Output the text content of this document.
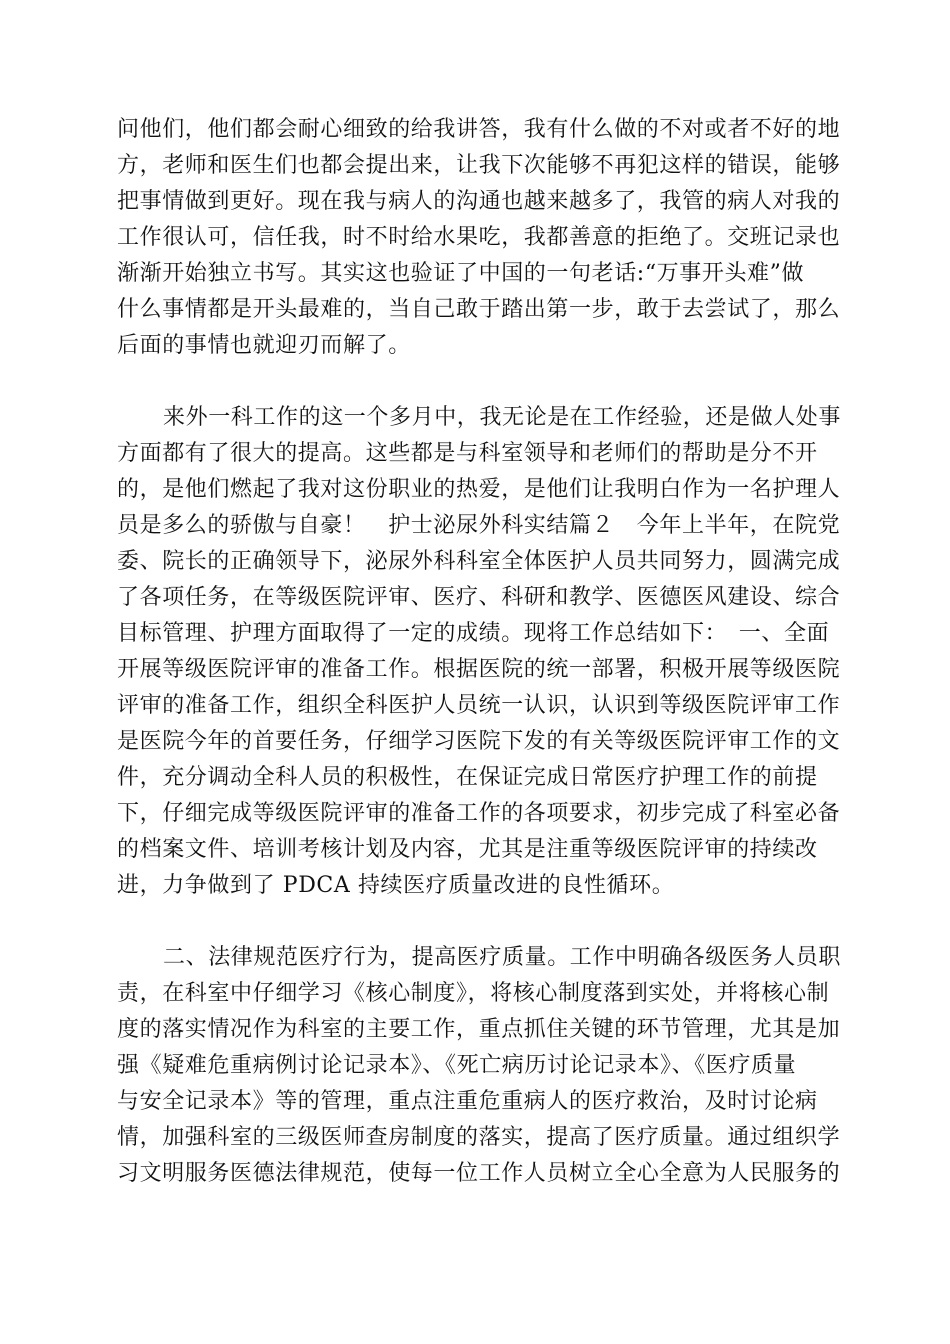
问他们，他们都会耐心细致的给我讲答，我有什么做的不对或者不好的地

方，老师和医生们也都会提出来，让我下次能够不再犯这样的错误，能够

把事情做到更好。现在我与病人的沟通也越来越多了，我管的病人对我的

工作很认可，信任我，时不时给水果吃，我都善意的拒绝了。交班记录也

渐渐开始独立书写。其实这也验证了中国的一句老话:“万事开头难”做

什么事情都是开头最难的，当自己敢于踏出第一步，敢于去尝试了，那么

后面的事情也就迎刃而解了。

来外一科工作的这一个多月中，我无论是在工作经验，还是做人处事

方面都有了很大的提高。这些都是与科室领导和老师们的帮助是分不开

的，是他们燃起了我对这份职业的热爱，是他们让我明白作为一名护理人

员是多么的骄傲与自豪！　护士泌尿外科实结篇２　今年上半年，在院党

委、院长的正确领导下，泌尿外科科室全体医护人员共同努力，圆满完成

了各项任务，在等级医院评审、医疗、科研和教学、医德医风建设、综合

目标管理、护理方面取得了一定的成绩。现将工作总结如下：　一、全面

开展等级医院评审的准备工作。根据医院的统一部署，积极开展等级医院

评审的准备工作，组织全科医护人员统一认识，认识到等级医院评审工作

是医院今年的首要任务，仔细学习医院下发的有关等级医院评审工作的文

件，充分调动全科人员的积极性，在保证完成日常医疗护理工作的前提

下，仔细完成等级医院评审的准备工作的各项要求，初步完成了科室必备

的档案文件、培训考核计划及内容，尤其是注重等级医院评审的持续改

进，力争做到了 PDCA 持续医疗质量改进的良性循环。

二、法律规范医疗行为，提高医疗质量。工作中明确各级医务人员职

责，在科室中仔细学习《核心制度》，将核心制度落到实处，并将核心制

度的落实情况作为科室的主要工作，重点抓住关键的环节管理，尤其是加

强《疑难危重病例讨论记录本》、《死亡病历讨论记录本》、《医疗质量

与安全记录本》等的管理，重点注重危重病人的医疗救治，及时讨论病

情，加强科室的三级医师查房制度的落实，提高了医疗质量。通过组织学

习文明服务医德法律规范，使每一位工作人员树立全心全意为人民服务的
